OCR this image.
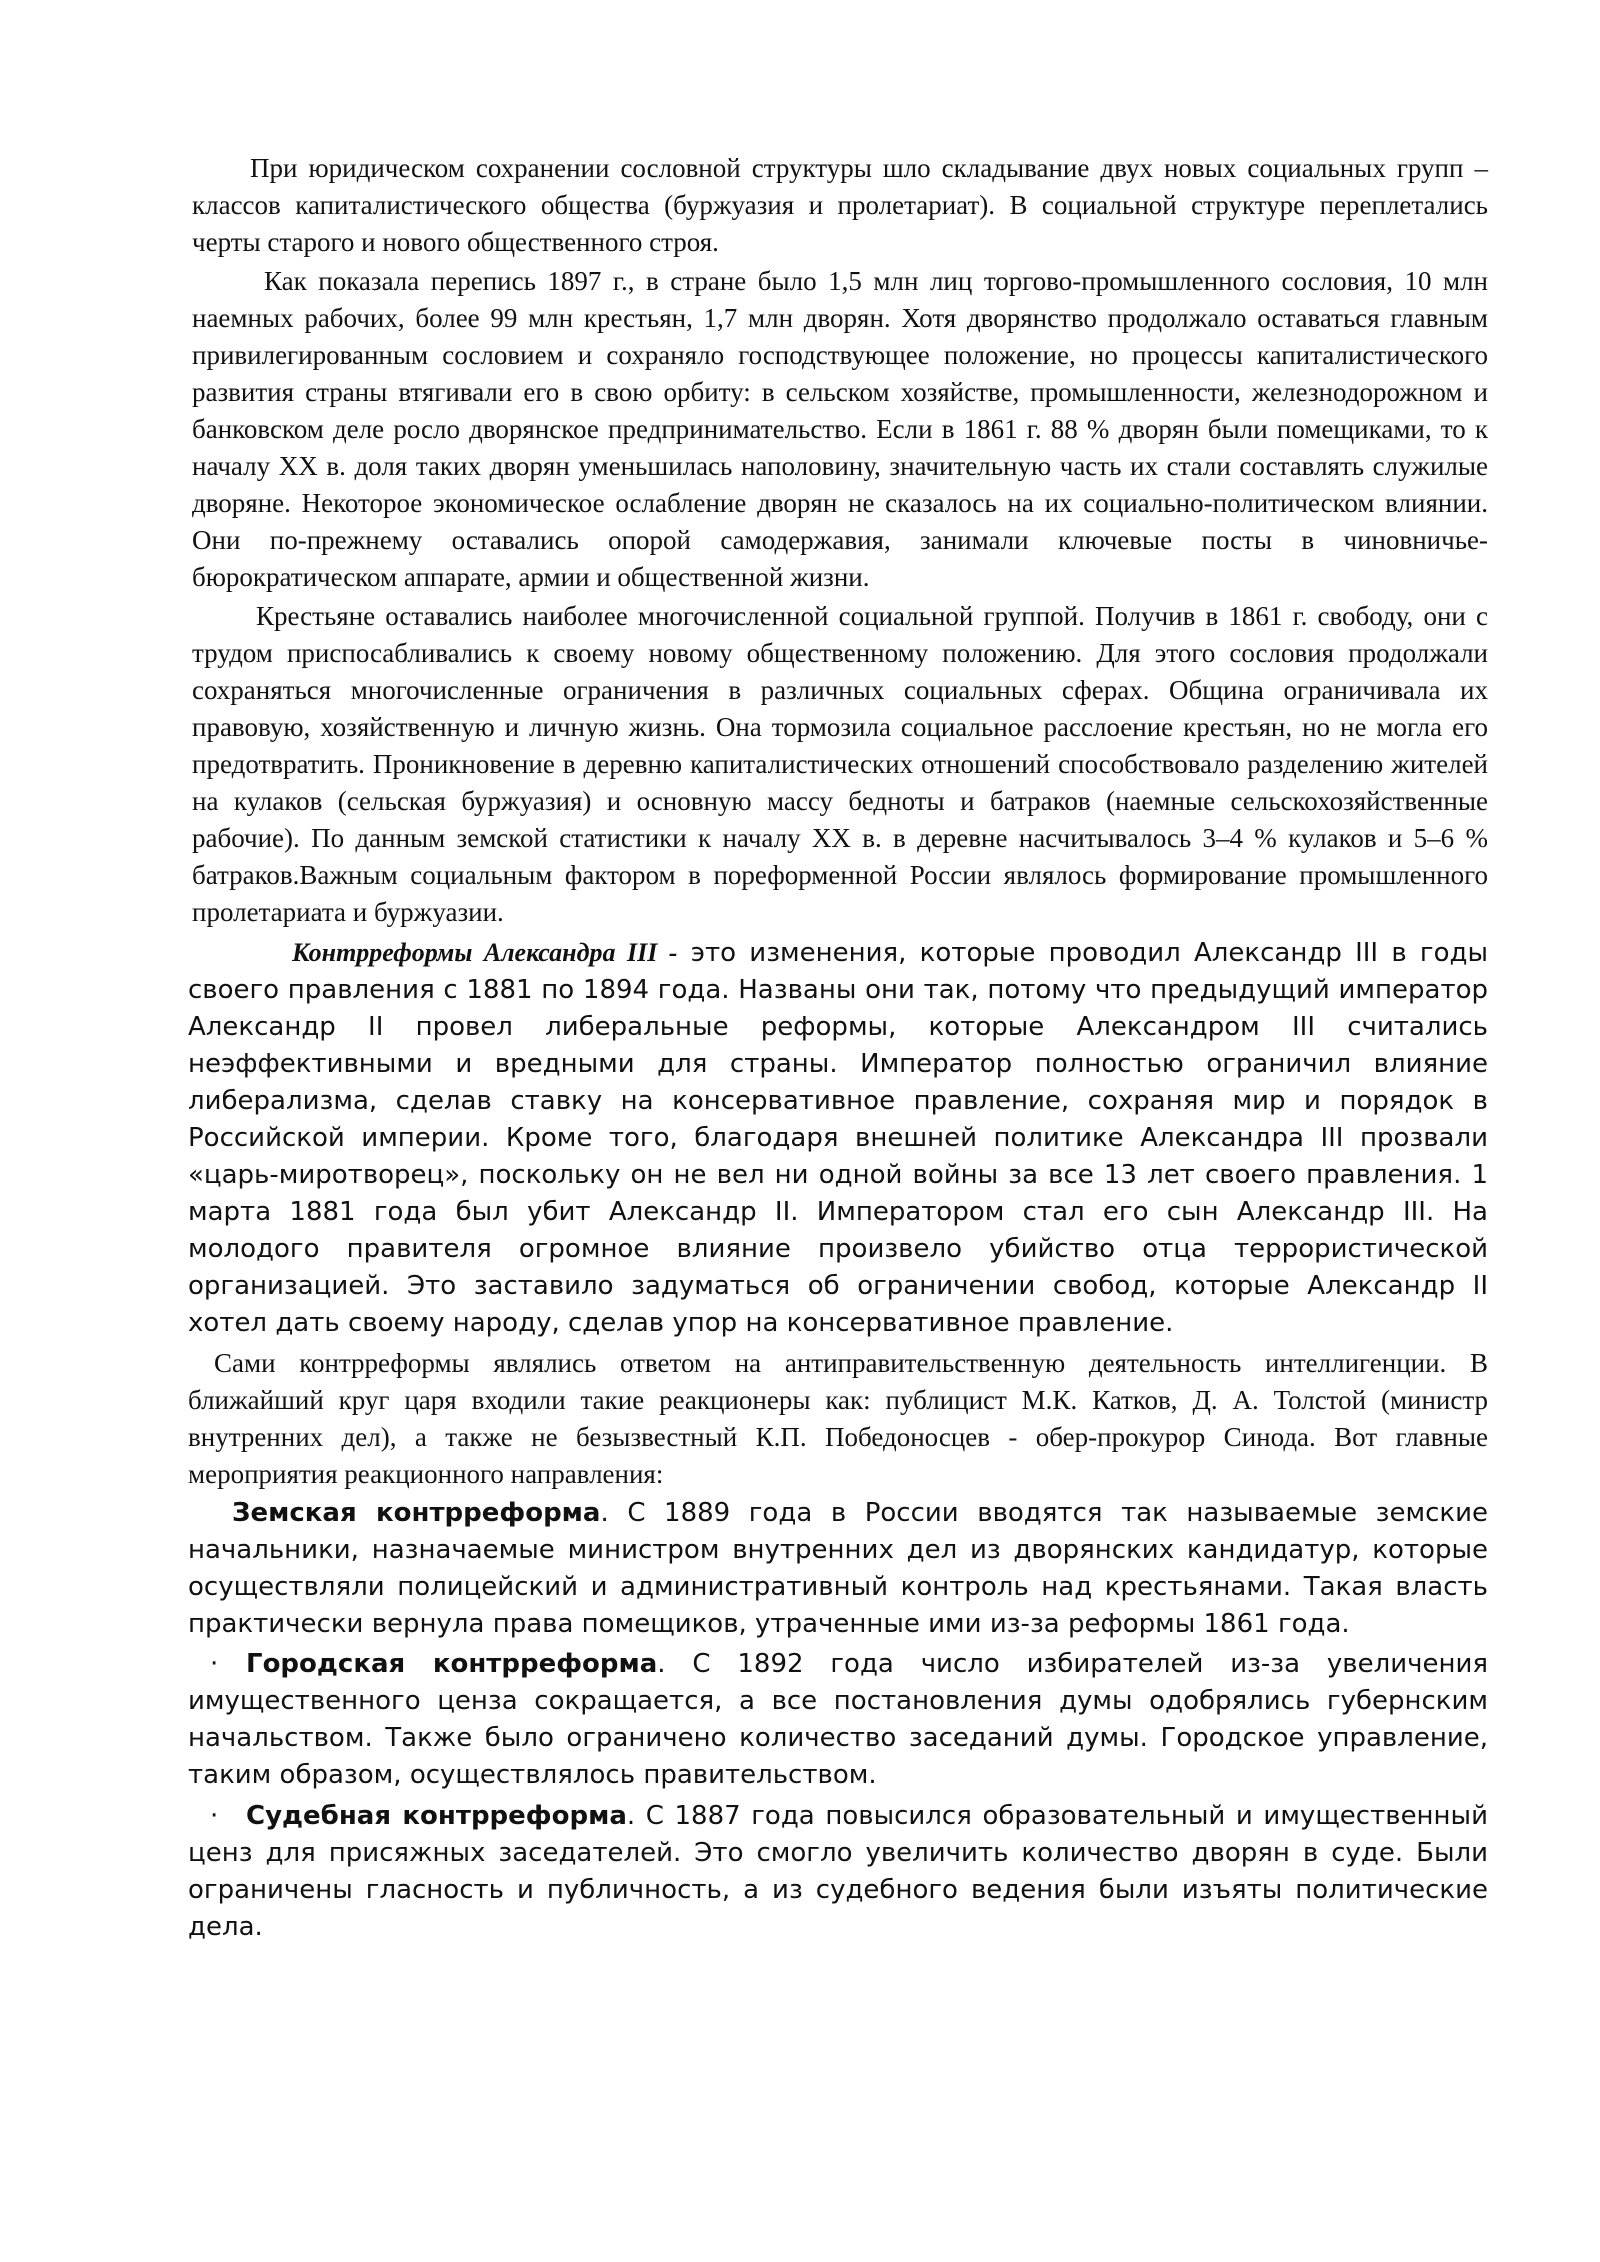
При юридическом сохранении сословной структуры шло складывание двух новых социальных групп – классов капиталистического общества (буржуазия и пролетариат). В социальной структуре переплетались черты старого и нового общественного строя.

Как показала перепись 1897 г., в стране было 1,5 млн лиц торгово-промышленного сословия, 10 млн наемных рабочих, более 99 млн крестьян, 1,7 млн дворян. Хотя дворянство продолжало оставаться главным привилегированным сословием и сохраняло господствующее положение, но процессы капиталистического развития страны втягивали его в свою орбиту: в сельском хозяйстве, промышленности, железнодорожном и банковском деле росло дворянское предпринимательство. Если в 1861 г. 88 % дворян были помещиками, то к началу XX в. доля таких дворян уменьшилась наполовину, значительную часть их стали составлять служилые дворяне. Некоторое экономическое ослабление дворян не сказалось на их социально-политическом влиянии. Они по-прежнему оставались опорой самодержавия, занимали ключевые посты в чиновничье-бюрократическом аппарате, армии и общественной жизни.

Крестьяне оставались наиболее многочисленной социальной группой. Получив в 1861 г. свободу, они с трудом приспосабливались к своему новому общественному положению. Для этого сословия продолжали сохраняться многочисленные ограничения в различных социальных сферах. Община ограничивала их правовую, хозяйственную и личную жизнь. Она тормозила социальное расслоение крестьян, но не могла его предотвратить. Проникновение в деревню капиталистических отношений способствовало разделению жителей на кулаков (сельская буржуазия) и основную массу бедноты и батраков (наемные сельскохозяйственные рабочие). По данным земской статистики к началу XX в. в деревне насчитывалось 3–4 % кулаков и 5–6 % батраков.Важным социальным фактором в пореформенной России являлось формирование промышленного пролетариата и буржуазии.

Контрреформы Александра III - это изменения, которые проводил Александр III в годы своего правления с 1881 по 1894 года. Названы они так, потому что предыдущий император Александр II провел либеральные реформы, которые Александром III считались неэффективными и вредными для страны. Император полностью ограничил влияние либерализма, сделав ставку на консервативное правление, сохраняя мир и порядок в Российской империи. Кроме того, благодаря внешней политике Александра III прозвали «царь-миротворец», поскольку он не вел ни одной войны за все 13 лет своего правления. 1 марта 1881 года был убит Александр II. Императором стал его сын Александр III. На молодого правителя огромное влияние произвело убийство отца террористической организацией. Это заставило задуматься об ограничении свобод, которые Александр II хотел дать своему народу, сделав упор на консервативное правление.

Сами контрреформы являлись ответом на антиправительственную деятельность интеллигенции. В ближайший круг царя входили такие реакционеры как: публицист М.К. Катков, Д. А. Толстой (министр внутренних дел), а также не безызвестный К.П. Победоносцев - обер-прокурор Синода. Вот главные мероприятия реакционного направления:

Земская контрреформа. С 1889 года в России вводятся так называемые земские начальники, назначаемые министром внутренних дел из дворянских кандидатур, которые осуществляли полицейский и административный контроль над крестьянами. Такая власть практически вернула права помещиков, утраченные ими из-за реформы 1861 года.

· Городская контрреформа. С 1892 года число избирателей из-за увеличения имущественного ценза сокращается, а все постановления думы одобрялись губернским начальством. Также было ограничено количество заседаний думы. Городское управление, таким образом, осуществлялось правительством.

· Судебная контрреформа. С 1887 года повысился образовательный и имущественный ценз для присяжных заседателей. Это смогло увеличить количество дворян в суде. Были ограничены гласность и публичность, а из судебного ведения были изъяты политические дела.
